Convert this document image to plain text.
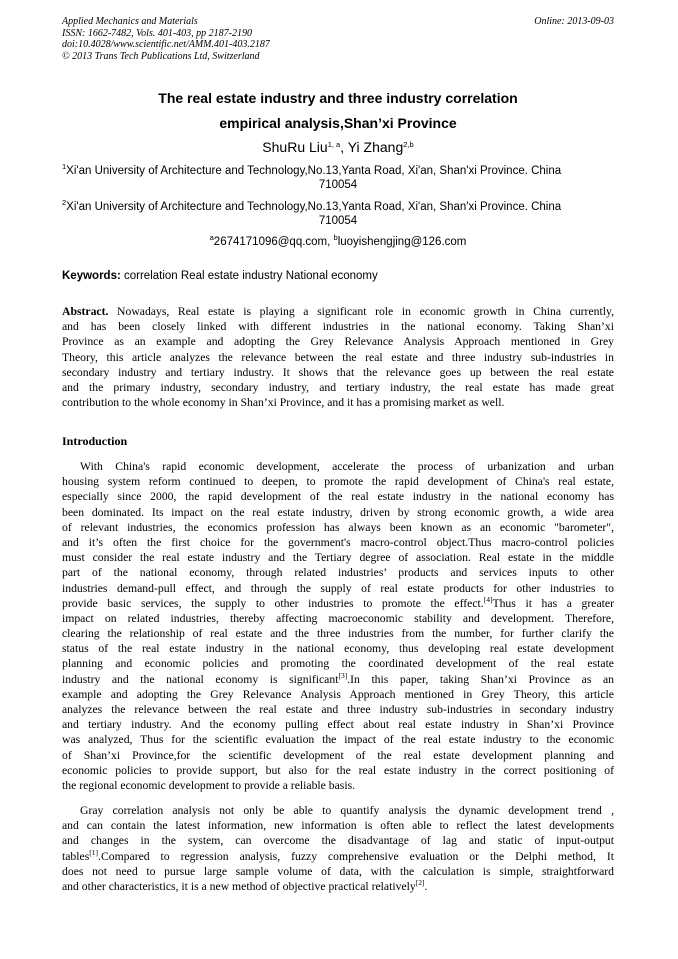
Applied Mechanics and Materials
ISSN: 1662-7482, Vols. 401-403, pp 2187-2190
doi:10.4028/www.scientific.net/AMM.401-403.2187
© 2013 Trans Tech Publications Ltd, Switzerland
Online: 2013-09-03
The real estate industry and three industry correlation
empirical analysis,Shan’xi Province
ShuRu Liu$^{1, a}$, Yi Zhang$^{2,b}$
$^1$Xi'an University of Architecture and Technology,No.13,Yanta Road, Xi'an, Shan'xi Province. China
710054
$^2$Xi'an University of Architecture and Technology,No.13,Yanta Road, Xi'an, Shan'xi Province. China
710054
$^a$2674171096@qq.com, $^b$luoyishengjing@126.com
Keywords: correlation Real estate industry National economy
Abstract. Nowadays, Real estate is playing a significant role in economic growth in China currently,
and has been closely linked with different industries in the national economy. Taking Shan’xi
Province as an example and adopting the Grey Relevance Analysis Approach mentioned in Grey
Theory, this article analyzes the relevance between the real estate and three industry sub-industries in
secondary industry and tertiary industry. It shows that the relevance goes up between the real estate
and the primary industry, secondary industry, and tertiary industry, the real estate has made great
contribution to the whole economy in Shan’xi Province, and it has a promising market as well.
Introduction
With China's rapid economic development, accelerate the process of urbanization and urban
housing system reform continued to deepen, to promote the rapid development of China's real estate,
especially since 2000, the rapid development of the real estate industry in the national economy has
been dominated. Its impact on the real estate industry, driven by strong economic growth, a wide area
of relevant industries, the economics profession has always been known as an economic "barometer",
and it’s often the first choice for the government's macro-control object.Thus macro-control policies
must consider the real estate industry and the Tertiary degree of association. Real estate in the middle
part of the national economy, through related industries’ products and services inputs to other
industries demand-pull effect, and through the supply of real estate products for other industries to
provide basic services, the supply to other industries to promote the effect.[4]Thus it has a greater
impact on related industries, thereby affecting macroeconomic stability and development. Therefore,
clearing the relationship of real estate and the three industries from the number, for further clarify the
status of the real estate industry in the national economy, thus developing real estate development
planning and economic policies and promoting the coordinated development of the real estate
industry and the national economy is significant[3].In this paper, taking Shan’xi Province as an
example and adopting the Grey Relevance Analysis Approach mentioned in Grey Theory, this article
analyzes the relevance between the real estate and three industry sub-industries in secondary industry
and tertiary industry. And the economy pulling effect about real estate industry in Shan’xi Province
was analyzed, Thus for the scientific evaluation the impact of the real estate industry to the economic
of Shan’xi Province,for the scientific development of the real estate development planning and
economic policies to provide support, but also for the real estate industry in the correct positioning of
the regional economic development to provide a reliable basis.
Gray correlation analysis not only be able to quantify analysis the dynamic development trend ,
and can contain the latest information, new information is often able to reflect the latest developments
and changes in the system, can overcome the disadvantage of lag and static of input-output
tables[1].Compared to regression analysis, fuzzy comprehensive evaluation or the Delphi method, It
does not need to pursue large sample volume of data, with the calculation is simple, straightforward
and other characteristics, it is a new method of objective practical relatively[2].
